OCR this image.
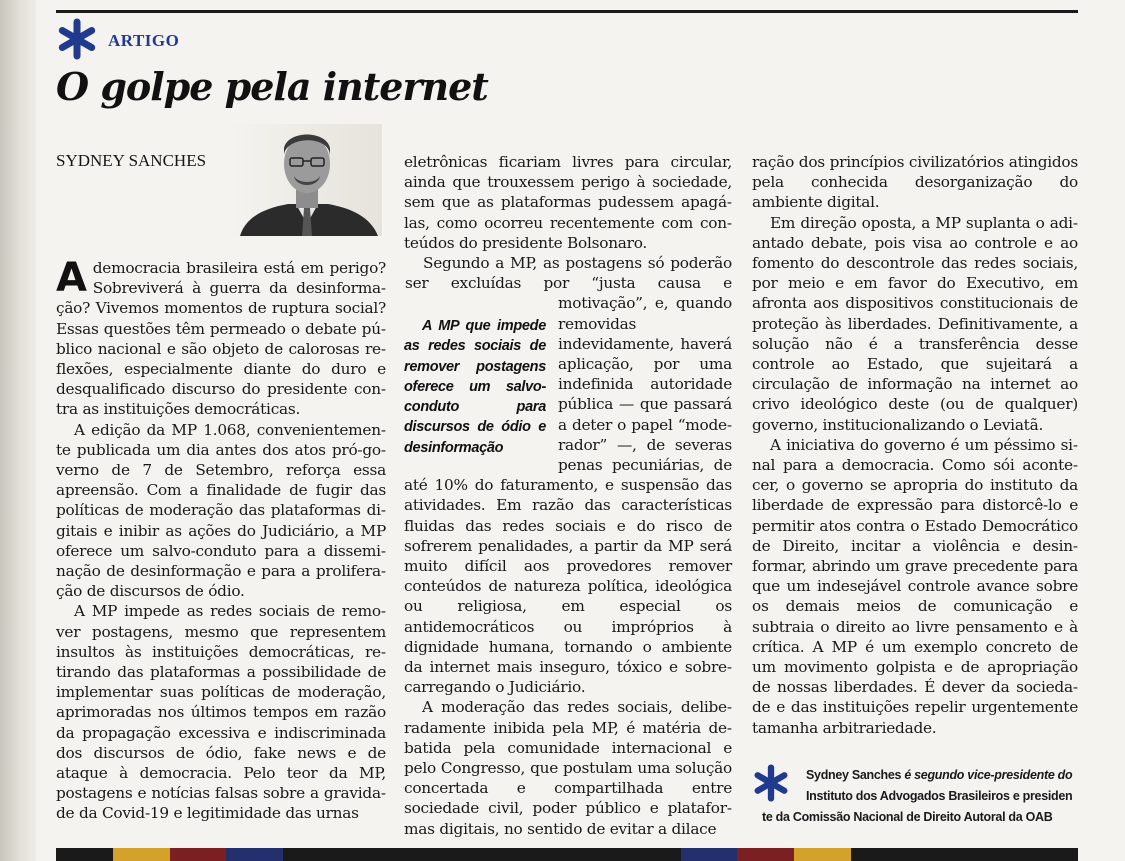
ARTIGO
O golpe pela internet
SYDNEY SANCHES

Ademocracia brasileira está em perigo? Sobreviverá à guerra da desinformação? Vivemos momentos de ruptura social? Essas questões têm permeado o debate público nacional e são objeto de calorosas reflexões, especialmente diante do duro e desqualificado discurso do presidente contra as instituições democráticas.

A edição da MP 1.068, convenientemente publicada um dia antes dos atos pró-governo de 7 de Setembro, reforça essa apreensão. Com a finalidade de fugir das políticas de moderação das plataformas digitais e inibir as ações do Judiciário, a MP oferece um salvo-conduto para a disseminação de desinformação e para a proliferação de discursos de ódio.

A MP impede as redes sociais de remover postagens, mesmo que representem insultos às instituições democráticas, retirando das plataformas a possibilidade de implementar suas políticas de moderação, aprimoradas nos últimos tempos em razão da propagação excessiva e indiscriminada dos discursos de ódio, fake news e de ataque à democracia. Pelo teor da MP, postagens e notícias falsas sobre a gravidade da Covid-19 e legitimidade das urnas

eletrônicas ficariam livres para circular, ainda que trouxessem perigo à sociedade, sem que as plataformas pudessem apagálas, como ocorreu recentemente com conteúdos do presidente Bolsonaro.

A MP que impede as redes sociais de remover postagens oferece um salvo-conduto para discursos de ódio e desinformação
Segundo a MP, as postagens só poderão ser excluídas por “justa causa e motivação”, e, quando removidas indevidamente, haverá aplicação, por uma indefinida autoridade pública — que passará a deter o papel “moderador” —, de severas penas pecuniárias, de até 10% do faturamento, e suspensão das atividades. Em razão das características fluidas das redes sociais e do risco de sofrerem penalidades, a partir da MP será muito difícil aos provedores remover conteúdos de natureza política, ideológica ou religiosa, em especial os antidemocráticos ou impróprios à dignidade humana, tornando o ambiente da internet mais inseguro, tóxico e sobrecarregando o Judiciário.

A moderação das redes sociais, deliberadamente inibida pela MP, é matéria debatida pela comunidade internacional e pelo Congresso, que postulam uma solução concertada e compartilhada entre sociedade civil, poder público e plataformas digitais, no sentido de evitar a dilace

ração dos princípios civilizatórios atingidos pela conhecida desorganização do ambiente digital.

Em direção oposta, a MP suplanta o adiantado debate, pois visa ao controle e ao fomento do descontrole das redes sociais, por meio e em favor do Executivo, em afronta aos dispositivos constitucionais de proteção às liberdades. Definitivamente, a solução não é a transferência desse controle ao Estado, que sujeitará a circulação de informação na internet ao crivo ideológico deste (ou de qualquer) governo, institucionalizando o Leviatã.

A iniciativa do governo é um péssimo sinal para a democracia. Como sói acontecer, o governo se apropria do instituto da liberdade de expressão para distorcê-lo e permitir atos contra o Estado Democrático de Direito, incitar a violência e desinformar, abrindo um grave precedente para que um indesejável controle avance sobre os demais meios de comunicação e subtraia o direito ao livre pensamento e à crítica. A MP é um exemplo concreto de um movimento golpista e de apropriação de nossas liberdades. É dever da sociedade e das instituições repelir urgentemente tamanha arbitrariedade.

Sydney Sanches é segundo vice-presidente do
Instituto dos Advogados Brasileiros e presiden
te da Comissão Nacional de Direito Autoral da OAB
